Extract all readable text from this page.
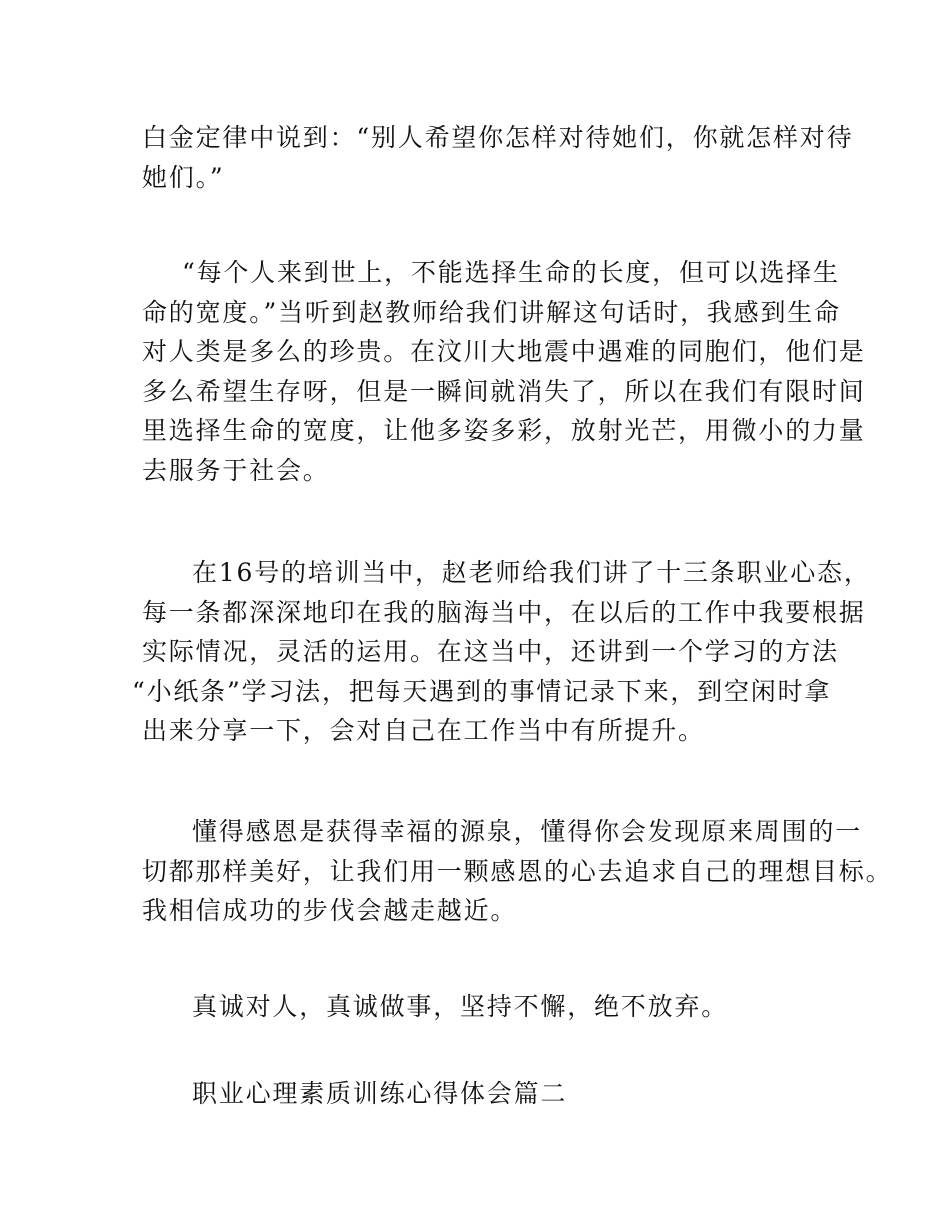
白金定律中说到：“别人希望你怎样对待她们，你就怎样对待
她们。”
“每个人来到世上，不能选择生命的长度，但可以选择生
命的宽度。”当听到赵教师给我们讲解这句话时，我感到生命
对人类是多么的珍贵。在汶川大地震中遇难的同胞们，他们是
多么希望生存呀，但是一瞬间就消失了，所以在我们有限时间
里选择生命的宽度，让他多姿多彩，放射光芒，用微小的力量
去服务于社会。
在16号的培训当中，赵老师给我们讲了十三条职业心态，
每一条都深深地印在我的脑海当中，在以后的工作中我要根据
实际情况，灵活的运用。在这当中，还讲到一个学习的方法
“小纸条”学习法，把每天遇到的事情记录下来，到空闲时拿
出来分享一下，会对自己在工作当中有所提升。
懂得感恩是获得幸福的源泉，懂得你会发现原来周围的一
切都那样美好，让我们用一颗感恩的心去追求自己的理想目标。
我相信成功的步伐会越走越近。
真诚对人，真诚做事，坚持不懈，绝不放弃。
职业心理素质训练心得体会篇二
